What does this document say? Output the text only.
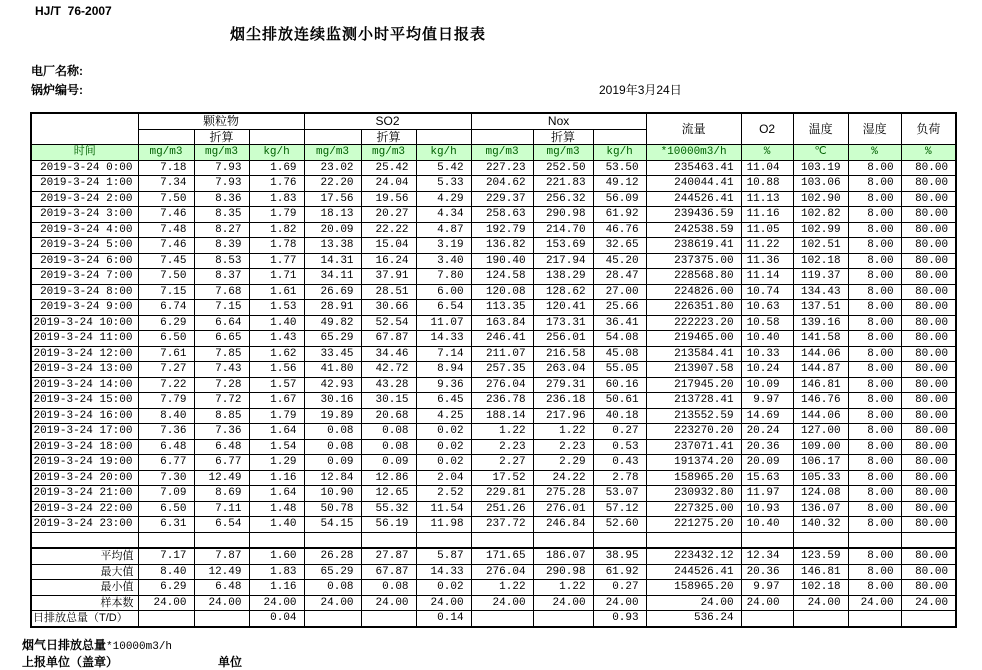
HJ/T  76-2007
烟尘排放连续监测小时平均值日报表
电厂名称:
锅炉编号:	2019年3月24日
	颗粒物			SO2			Nox			流量	O2	温度	湿度	负荷
		折算			折算			折算						
时间	mg/m3	mg/m3	kg/h	mg/m3	mg/m3	kg/h	mg/m3	mg/m3	kg/h	*10000m3/h	%	℃	%	%
2019-3-24 0:00	7.18	7.93	1.69	23.02	25.42	5.42	227.23	252.50	53.50	235463.41	11.04	103.19	8.00	80.00
2019-3-24 1:00	7.34	7.93	1.76	22.20	24.04	5.33	204.62	221.83	49.12	240044.41	10.88	103.06	8.00	80.00
2019-3-24 2:00	7.50	8.36	1.83	17.56	19.56	4.29	229.37	256.32	56.09	244526.41	11.13	102.90	8.00	80.00
2019-3-24 3:00	7.46	8.35	1.79	18.13	20.27	4.34	258.63	290.98	61.92	239436.59	11.16	102.82	8.00	80.00
2019-3-24 4:00	7.48	8.27	1.82	20.09	22.22	4.87	192.79	214.70	46.76	242538.59	11.05	102.99	8.00	80.00
2019-3-24 5:00	7.46	8.39	1.78	13.38	15.04	3.19	136.82	153.69	32.65	238619.41	11.22	102.51	8.00	80.00
2019-3-24 6:00	7.45	8.53	1.77	14.31	16.24	3.40	190.40	217.94	45.20	237375.00	11.36	102.18	8.00	80.00
2019-3-24 7:00	7.50	8.37	1.71	34.11	37.91	7.80	124.58	138.29	28.47	228568.80	11.14	119.37	8.00	80.00
2019-3-24 8:00	7.15	7.68	1.61	26.69	28.51	6.00	120.08	128.62	27.00	224826.00	10.74	134.43	8.00	80.00
2019-3-24 9:00	6.74	7.15	1.53	28.91	30.66	6.54	113.35	120.41	25.66	226351.80	10.63	137.51	8.00	80.00
2019-3-24 10:00	6.29	6.64	1.40	49.82	52.54	11.07	163.84	173.31	36.41	222223.20	10.58	139.16	8.00	80.00
2019-3-24 11:00	6.50	6.65	1.43	65.29	67.87	14.33	246.41	256.01	54.08	219465.00	10.40	141.58	8.00	80.00
2019-3-24 12:00	7.61	7.85	1.62	33.45	34.46	7.14	211.07	216.58	45.08	213584.41	10.33	144.06	8.00	80.00
2019-3-24 13:00	7.27	7.43	1.56	41.80	42.72	8.94	257.35	263.04	55.05	213907.58	10.24	144.87	8.00	80.00
2019-3-24 14:00	7.22	7.28	1.57	42.93	43.28	9.36	276.04	279.31	60.16	217945.20	10.09	146.81	8.00	80.00
2019-3-24 15:00	7.79	7.72	1.67	30.16	30.15	6.45	236.78	236.18	50.61	213728.41	9.97	146.76	8.00	80.00
2019-3-24 16:00	8.40	8.85	1.79	19.89	20.68	4.25	188.14	217.96	40.18	213552.59	14.69	144.06	8.00	80.00
2019-3-24 17:00	7.36	7.36	1.64	0.08	0.08	0.02	1.22	1.22	0.27	223270.20	20.24	127.00	8.00	80.00
2019-3-24 18:00	6.48	6.48	1.54	0.08	0.08	0.02	2.23	2.23	0.53	237071.41	20.36	109.00	8.00	80.00
2019-3-24 19:00	6.77	6.77	1.29	0.09	0.09	0.02	2.27	2.29	0.43	191374.20	20.09	106.17	8.00	80.00
2019-3-24 20:00	7.30	12.49	1.16	12.84	12.86	2.04	17.52	24.22	2.78	158965.20	15.63	105.33	8.00	80.00
2019-3-24 21:00	7.09	8.69	1.64	10.90	12.65	2.52	229.81	275.28	53.07	230932.80	11.97	124.08	8.00	80.00
2019-3-24 22:00	6.50	7.11	1.48	50.78	55.32	11.54	251.26	276.01	57.12	227325.00	10.93	136.07	8.00	80.00
2019-3-24 23:00	6.31	6.54	1.40	54.15	56.19	11.98	237.72	246.84	52.60	221275.20	10.40	140.32	8.00	80.00

平均值	7.17	7.87	1.60	26.28	27.87	5.87	171.65	186.07	38.95	223432.12	12.34	123.59	8.00	80.00
最大值	8.40	12.49	1.83	65.29	67.87	14.33	276.04	290.98	61.92	244526.41	20.36	146.81	8.00	80.00
最小值	6.29	6.48	1.16	0.08	0.08	0.02	1.22	1.22	0.27	158965.20	9.97	102.18	8.00	80.00
样本数	24.00	24.00	24.00	24.00	24.00	24.00	24.00	24.00	24.00	24.00	24.00	24.00	24.00	24.00
日排放总量（T/D）			0.04			0.14			0.93	536.24				
烟气日排放总量*10000m3/h
上报单位（盖章）	单位
